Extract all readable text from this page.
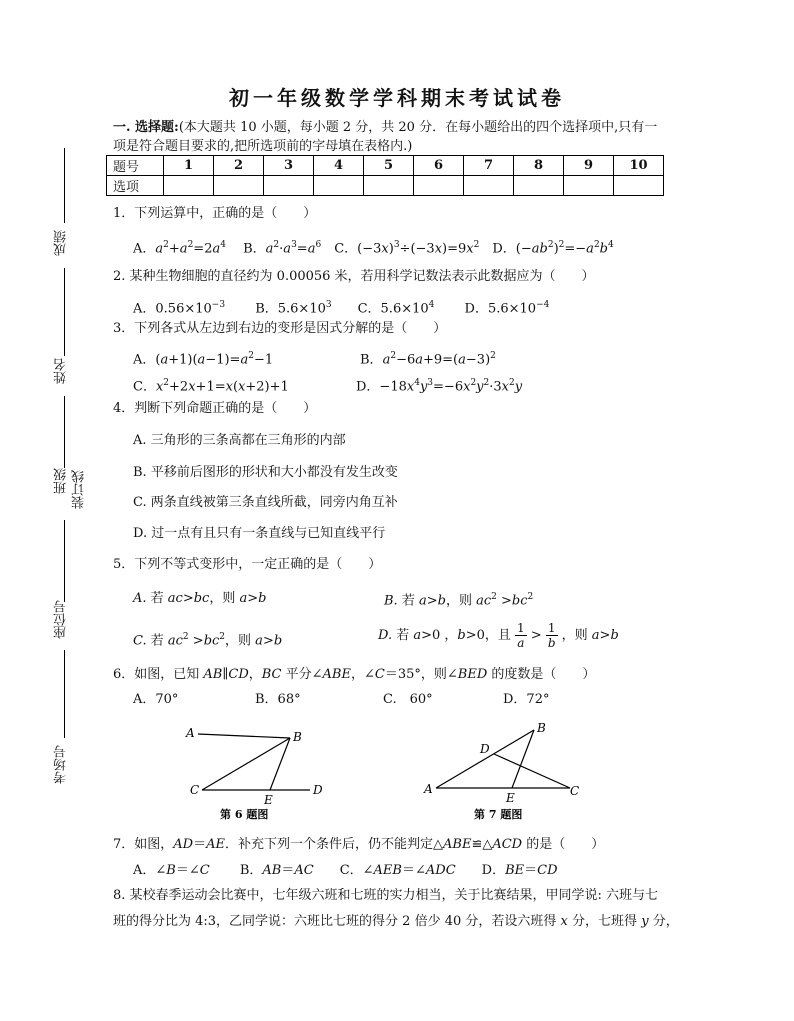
初一年级数学学科期末考试试卷
一. 选择题:(本大题共 10 小题，每小题 2 分，共 20 分．在每小题给出的四个选择项中,只有一
项是符合题目要求的,把所选项前的字母填在表格内.)
题号	1	2	3	4	5	6	7	8	9	10
选项										
成绩
姓名
班级 装订线
座位号
考场号
1．下列运算中，正确的是（　　）
A．$a^2+a^2=2a^4$　 B．$a^2\cdot a^3=a^6$　C．$(-3x)^3\div(-3x)=9x^2$　D．$(-ab^2)^2=-a^2b^4$
2. 某种生物细胞的直径约为 0.00056 米，若用科学记数法表示此数据应为（　　）
A．$0.56\times 10^{-3}$　　 B．$5.6\times 10^3$　　C．$5.6\times 10^4$　　 D．$5.6\times 10^{-4}$
3．下列各式从左边到右边的变形是因式分解的是（　　）
A．$(a+1)(a-1)=a^2-1$	B．$a^2-6a+9=(a-3)^2$
C．$x^2+2x+1=x(x+2)+1$	D．$-18x^4y^3=-6x^2y^2\cdot 3x^2y$
4．判断下列命题正确的是（　　）
A. 三角形的三条高都在三角形的内部
B. 平移前后图形的形状和大小都没有发生改变
C. 两条直线被第三条直线所截，同旁内角互补
D. 过一点有且只有一条直线与已知直线平行
5．下列不等式变形中，一定正确的是（　　）
A. 若 ac>bc，则 a>b	B. 若 a>b，则 $ac^2 >bc^2$
C. 若 $ac^2 >bc^2$，则 a>b	D. 若 a>0 ，b>0，且 $\frac{1}{a} > \frac{1}{b}$ ，则 a>b
6．如图，已知 AB∥CD，BC 平分∠ABE，∠C＝35°，则∠BED 的度数是（　　）
A．70°	B．68°	C.　60°	D．72°
A	B
C
E
D
第 6 题图
A
B
C
D
E
第 7 题图
7．如图，AD＝AE．补充下列一个条件后，仍不能判定△ABE≌△ACD 的是（　　）
A．∠B＝∠C　　 B．AB＝AC　　C．∠AEB＝∠ADC　　D．BE＝CD
8. 某校春季运动会比赛中，七年级六班和七班的实力相当，关于比赛结果，甲同学说: 六班与七
班的得分比为 4:3，乙同学说：六班比七班的得分 2 倍少 40 分，若设六班得 x 分，七班得 y 分，
